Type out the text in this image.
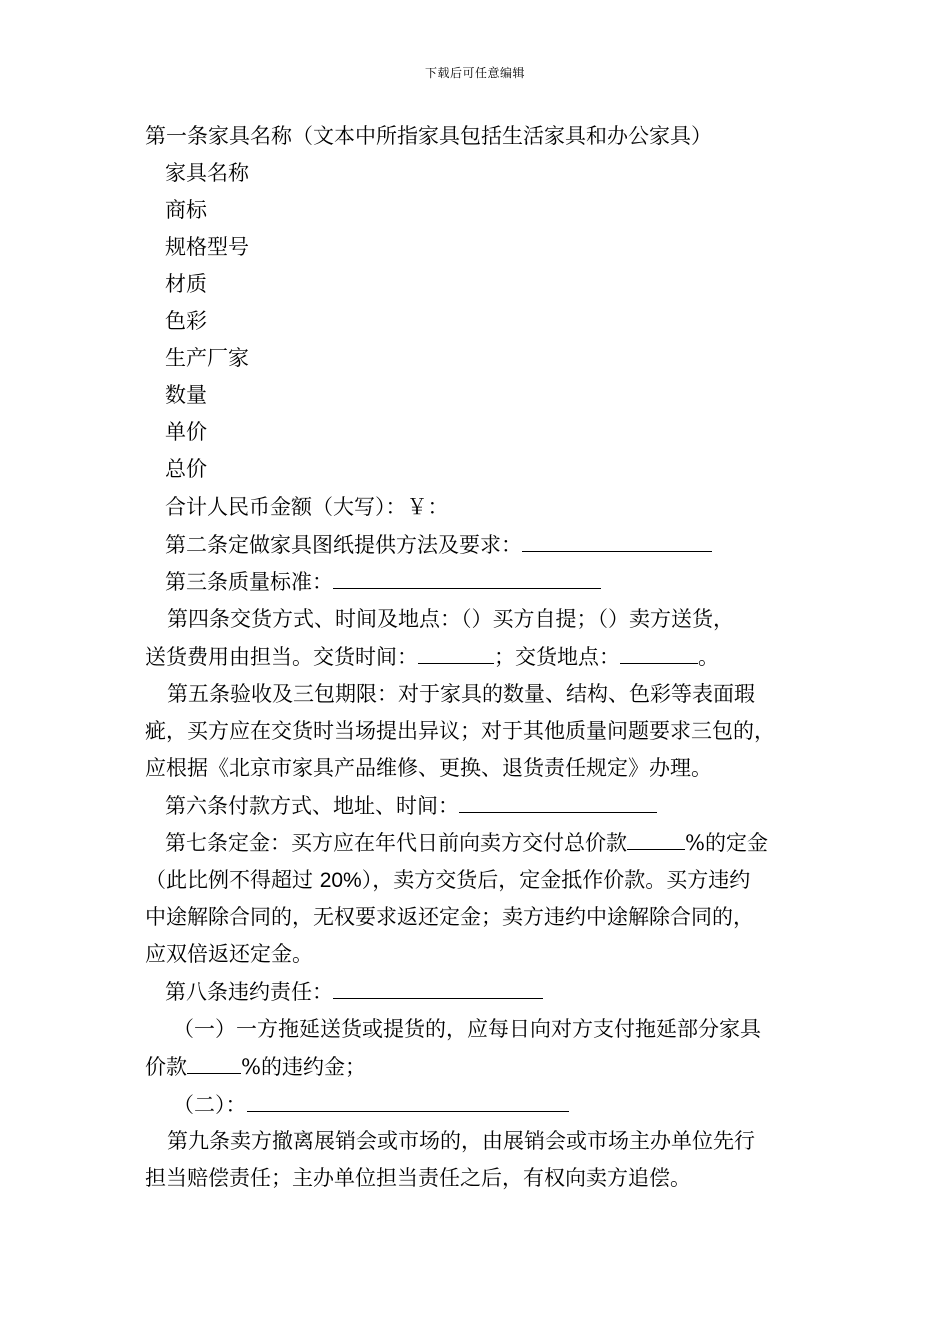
下载后可任意编辑
第一条家具名称（文本中所指家具包括生活家具和办公家具）
家具名称
商标
规格型号
材质
色彩
生产厂家
数量
单价
总价
合计人民币金额（大写）：￥：
第二条定做家具图纸提供方法及要求：
第三条质量标准：
第四条交货方式、时间及地点：（）买方自提；（）卖方送货，
送货费用由担当。交货时间：	；交货地点：	。
第五条验收及三包期限：对于家具的数量、结构、色彩等表面瑕
疵，买方应在交货时当场提出异议；对于其他质量问题要求三包的，
应根据《北京市家具产品维修、更换、退货责任规定》办理。
第六条付款方式、地址、时间：
第七条定金：买方应在年代日前向卖方交付总价款	%的定金
（此比例不得超过 20%），卖方交货后，定金抵作价款。买方违约
中途解除合同的，无权要求返还定金；卖方违约中途解除合同的，
应双倍返还定金。
第八条违约责任：
（一）一方拖延送货或提货的，应每日向对方支付拖延部分家具
价款	%的违约金；
（二）：
第九条卖方撤离展销会或市场的，由展销会或市场主办单位先行
担当赔偿责任；主办单位担当责任之后，有权向卖方追偿。
